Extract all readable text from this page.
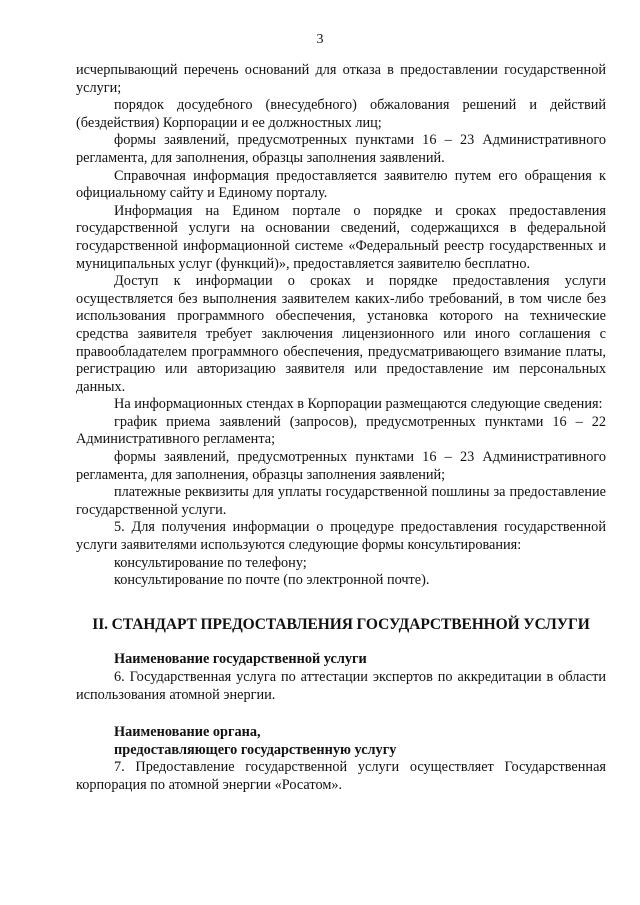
3

исчерпывающий перечень оснований для отказа в предоставлении государственной услуги;

порядок досудебного (внесудебного) обжалования решений и действий (бездействия) Корпорации и ее должностных лиц;

формы заявлений, предусмотренных пунктами 16 – 23 Административного регламента, для заполнения, образцы заполнения заявлений.

Справочная информация предоставляется заявителю путем его обращения к официальному сайту и Единому порталу.

Информация на Едином портале о порядке и сроках предоставления государственной услуги на основании сведений, содержащихся в федеральной государственной информационной системе «Федеральный реестр государственных и муниципальных услуг (функций)», предоставляется заявителю бесплатно.

Доступ к информации о сроках и порядке предоставления услуги осуществляется без выполнения заявителем каких-либо требований, в том числе без использования программного обеспечения, установка которого на технические средства заявителя требует заключения лицензионного или иного соглашения с правообладателем программного обеспечения, предусматривающего взимание платы, регистрацию или авторизацию заявителя или предоставление им персональных данных.

На информационных стендах в Корпорации размещаются следующие сведения:

график приема заявлений (запросов), предусмотренных пунктами 16 – 22 Административного регламента;

формы заявлений, предусмотренных пунктами 16 – 23 Административного регламента, для заполнения, образцы заполнения заявлений;

платежные реквизиты для уплаты государственной пошлины за предоставление государственной услуги.

5. Для получения информации о процедуре предоставления государственной услуги заявителями используются следующие формы консультирования:

консультирование по телефону;

консультирование по почте (по электронной почте).

II. СТАНДАРТ ПРЕДОСТАВЛЕНИЯ ГОСУДАРСТВЕННОЙ УСЛУГИ

Наименование государственной услуги

6. Государственная услуга по аттестации экспертов по аккредитации в области использования атомной энергии.

Наименование органа,

предоставляющего государственную услугу

7. Предоставление государственной услуги осуществляет Государственная корпорация по атомной энергии «Росатом».
